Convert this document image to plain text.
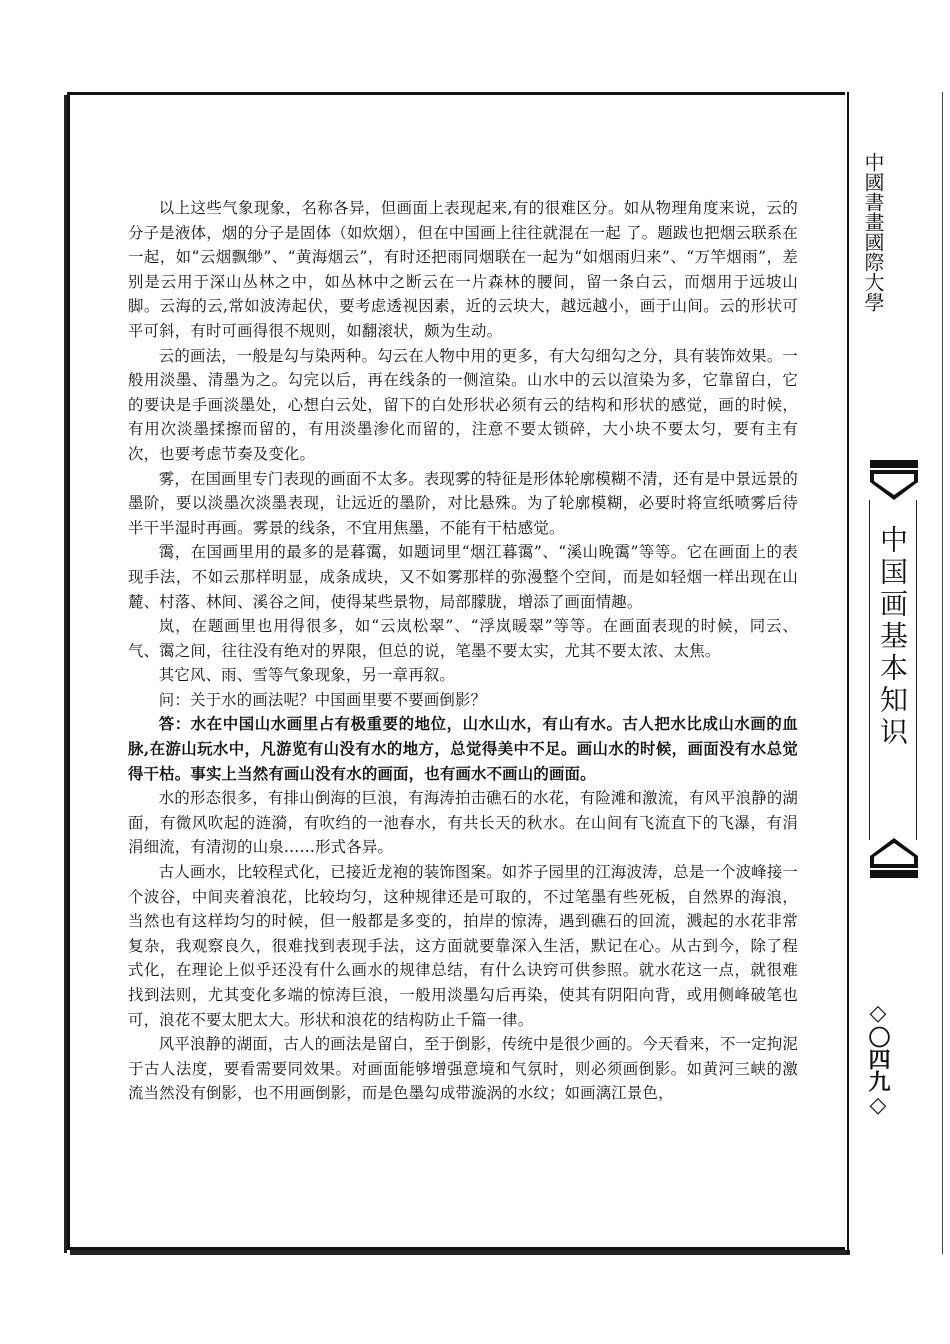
中國書畫國際大學
中国画基本知识
◇〇四九◇

以上这些气象现象，名称各异，但画面上表现起来,有的很难区分。如从物理角度来说，云的分子是液体，烟的分子是固体（如炊烟），但在中国画上往往就混在一起 了。题跋也把烟云联系在一起，如“云烟飘缈”、“黄海烟云”，有时还把雨同烟联在一起为“如烟雨归来”、“万竿烟雨”，差别是云用于深山丛林之中，如丛林中之断云在一片森林的腰间，留一条白云，而烟用于远坡山脚。云海的云,常如波涛起伏，要考虑透视因素，近的云块大，越远越小，画于山间。云的形状可平可斜，有时可画得很不规则，如翻滚状，颇为生动。

云的画法，一般是勾与染两种。勾云在人物中用的更多，有大勾细勾之分，具有装饰效果。一般用淡墨、清墨为之。勾完以后，再在线条的一侧渲染。山水中的云以渲染为多，它靠留白，它的要诀是手画淡墨处，心想白云处，留下的白处形状必须有云的结构和形状的感觉，画的时候，有用次淡墨揉擦而留的，有用淡墨渗化而留的，注意不要太锁碎，大小块不要太匀，要有主有次，也要考虑节奏及变化。

雾，在国画里专门表现的画面不太多。表现雾的特征是形体轮廓模糊不清，还有是中景远景的墨阶，要以淡墨次淡墨表现，让远近的墨阶，对比悬殊。为了轮廓模糊，必要时将宣纸喷雾后待半干半湿时再画。雾景的线条，不宜用焦墨，不能有干枯感觉。

霭，在国画里用的最多的是暮霭，如题词里“烟江暮霭”、“溪山晚霭”等等。它在画面上的表现手法，不如云那样明显，成条成块，又不如雾那样的弥漫整个空间，而是如轻烟一样出现在山麓、村落、林间、溪谷之间，使得某些景物，局部朦胧，增添了画面情趣。

岚，在题画里也用得很多，如“云岚松翠”、“浮岚暖翠”等等。在画面表现的时候，同云、气、霭之间，往往没有绝对的界限，但总的说，笔墨不要太实，尤其不要太浓、太焦。

其它风、雨、雪等气象现象，另一章再叙。

问：关于水的画法呢？中国画里要不要画倒影？

答：水在中国山水画里占有极重要的地位，山水山水，有山有水。古人把水比成山水画的血脉,在游山玩水中，凡游览有山没有水的地方，总觉得美中不足。画山水的时候，画面没有水总觉得干枯。事实上当然有画山没有水的画面，也有画水不画山的画面。

水的形态很多，有排山倒海的巨浪，有海涛拍击礁石的水花，有险滩和激流，有风平浪静的湖面，有微风吹起的涟漪，有吹绉的一池春水，有共长天的秋水。在山间有飞流直下的飞瀑，有涓涓细流，有清沏的山泉……形式各异。

古人画水，比较程式化，已接近龙袍的装饰图案。如芥子园里的江海波涛，总是一个波峰接一个波谷，中间夹着浪花，比较均匀，这种规律还是可取的，不过笔墨有些死板，自然界的海浪，当然也有这样均匀的时候，但一般都是多变的，拍岸的惊涛，遇到礁石的回流，溅起的水花非常复杂，我观察良久，很难找到表现手法，这方面就要靠深入生活，默记在心。从古到今，除了程式化，在理论上似乎还没有什么画水的规律总结，有什么诀窍可供参照。就水花这一点，就很难找到法则，尤其变化多端的惊涛巨浪，一般用淡墨勾后再染，使其有阴阳向背，或用侧峰破笔也可，浪花不要太肥太大。形状和浪花的结构防止千篇一律。

风平浪静的湖面，古人的画法是留白，至于倒影，传统中是很少画的。今天看来，不一定拘泥于古人法度，要看需要同效果。对画面能够增强意境和气氛时，则必须画倒影。如黄河三峡的激流当然没有倒影，也不用画倒影，而是色墨勾成带漩涡的水纹；如画漓江景色，
